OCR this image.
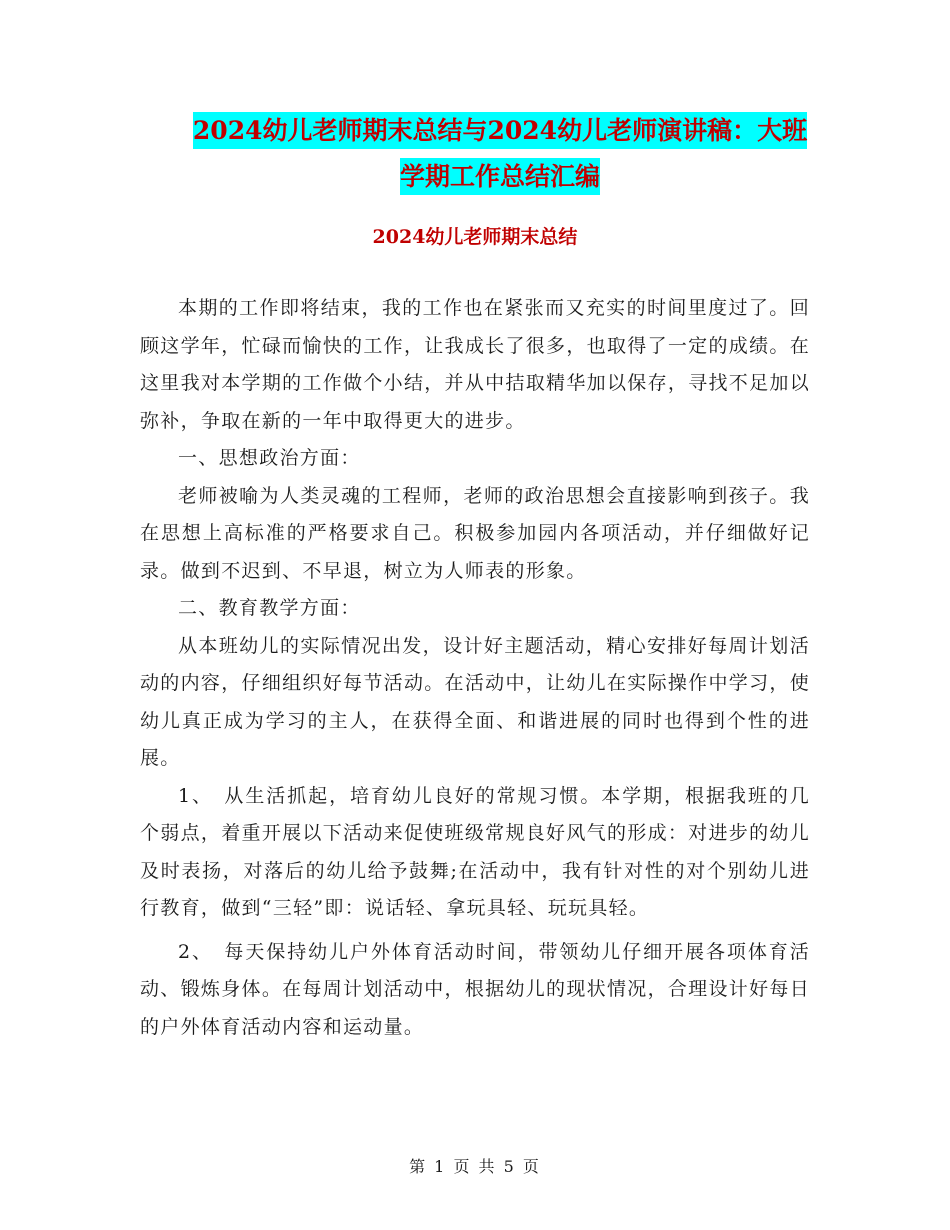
2024幼儿老师期末总结与2024幼儿老师演讲稿：大班
学期工作总结汇编
2024幼儿老师期末总结

本期的工作即将结束，我的工作也在紧张而又充实的时间里度过了。回顾这学年，忙碌而愉快的工作，让我成长了很多，也取得了一定的成绩。在这里我对本学期的工作做个小结，并从中拮取精华加以保存，寻找不足加以弥补，争取在新的一年中取得更大的进步。

一、思想政治方面：

老师被喻为人类灵魂的工程师，老师的政治思想会直接影响到孩子。我在思想上高标准的严格要求自己。积极参加园内各项活动，并仔细做好记录。做到不迟到、不早退，树立为人师表的形象。

二、教育教学方面：

从本班幼儿的实际情况出发，设计好主题活动，精心安排好每周计划活动的内容，仔细组织好每节活动。在活动中，让幼儿在实际操作中学习，使幼儿真正成为学习的主人，在获得全面、和谐进展的同时也得到个性的进展。

1、　从生活抓起，培育幼儿良好的常规习惯。本学期，根据我班的几个弱点，着重开展以下活动来促使班级常规良好风气的形成：对进步的幼儿及时表扬，对落后的幼儿给予鼓舞;在活动中，我有针对性的对个别幼儿进行教育，做到“三轻”即：说话轻、拿玩具轻、玩玩具轻。

2、　每天保持幼儿户外体育活动时间，带领幼儿仔细开展各项体育活动、锻炼身体。在每周计划活动中，根据幼儿的现状情况，合理设计好每日的户外体育活动内容和运动量。

第 1 页 共 5 页
